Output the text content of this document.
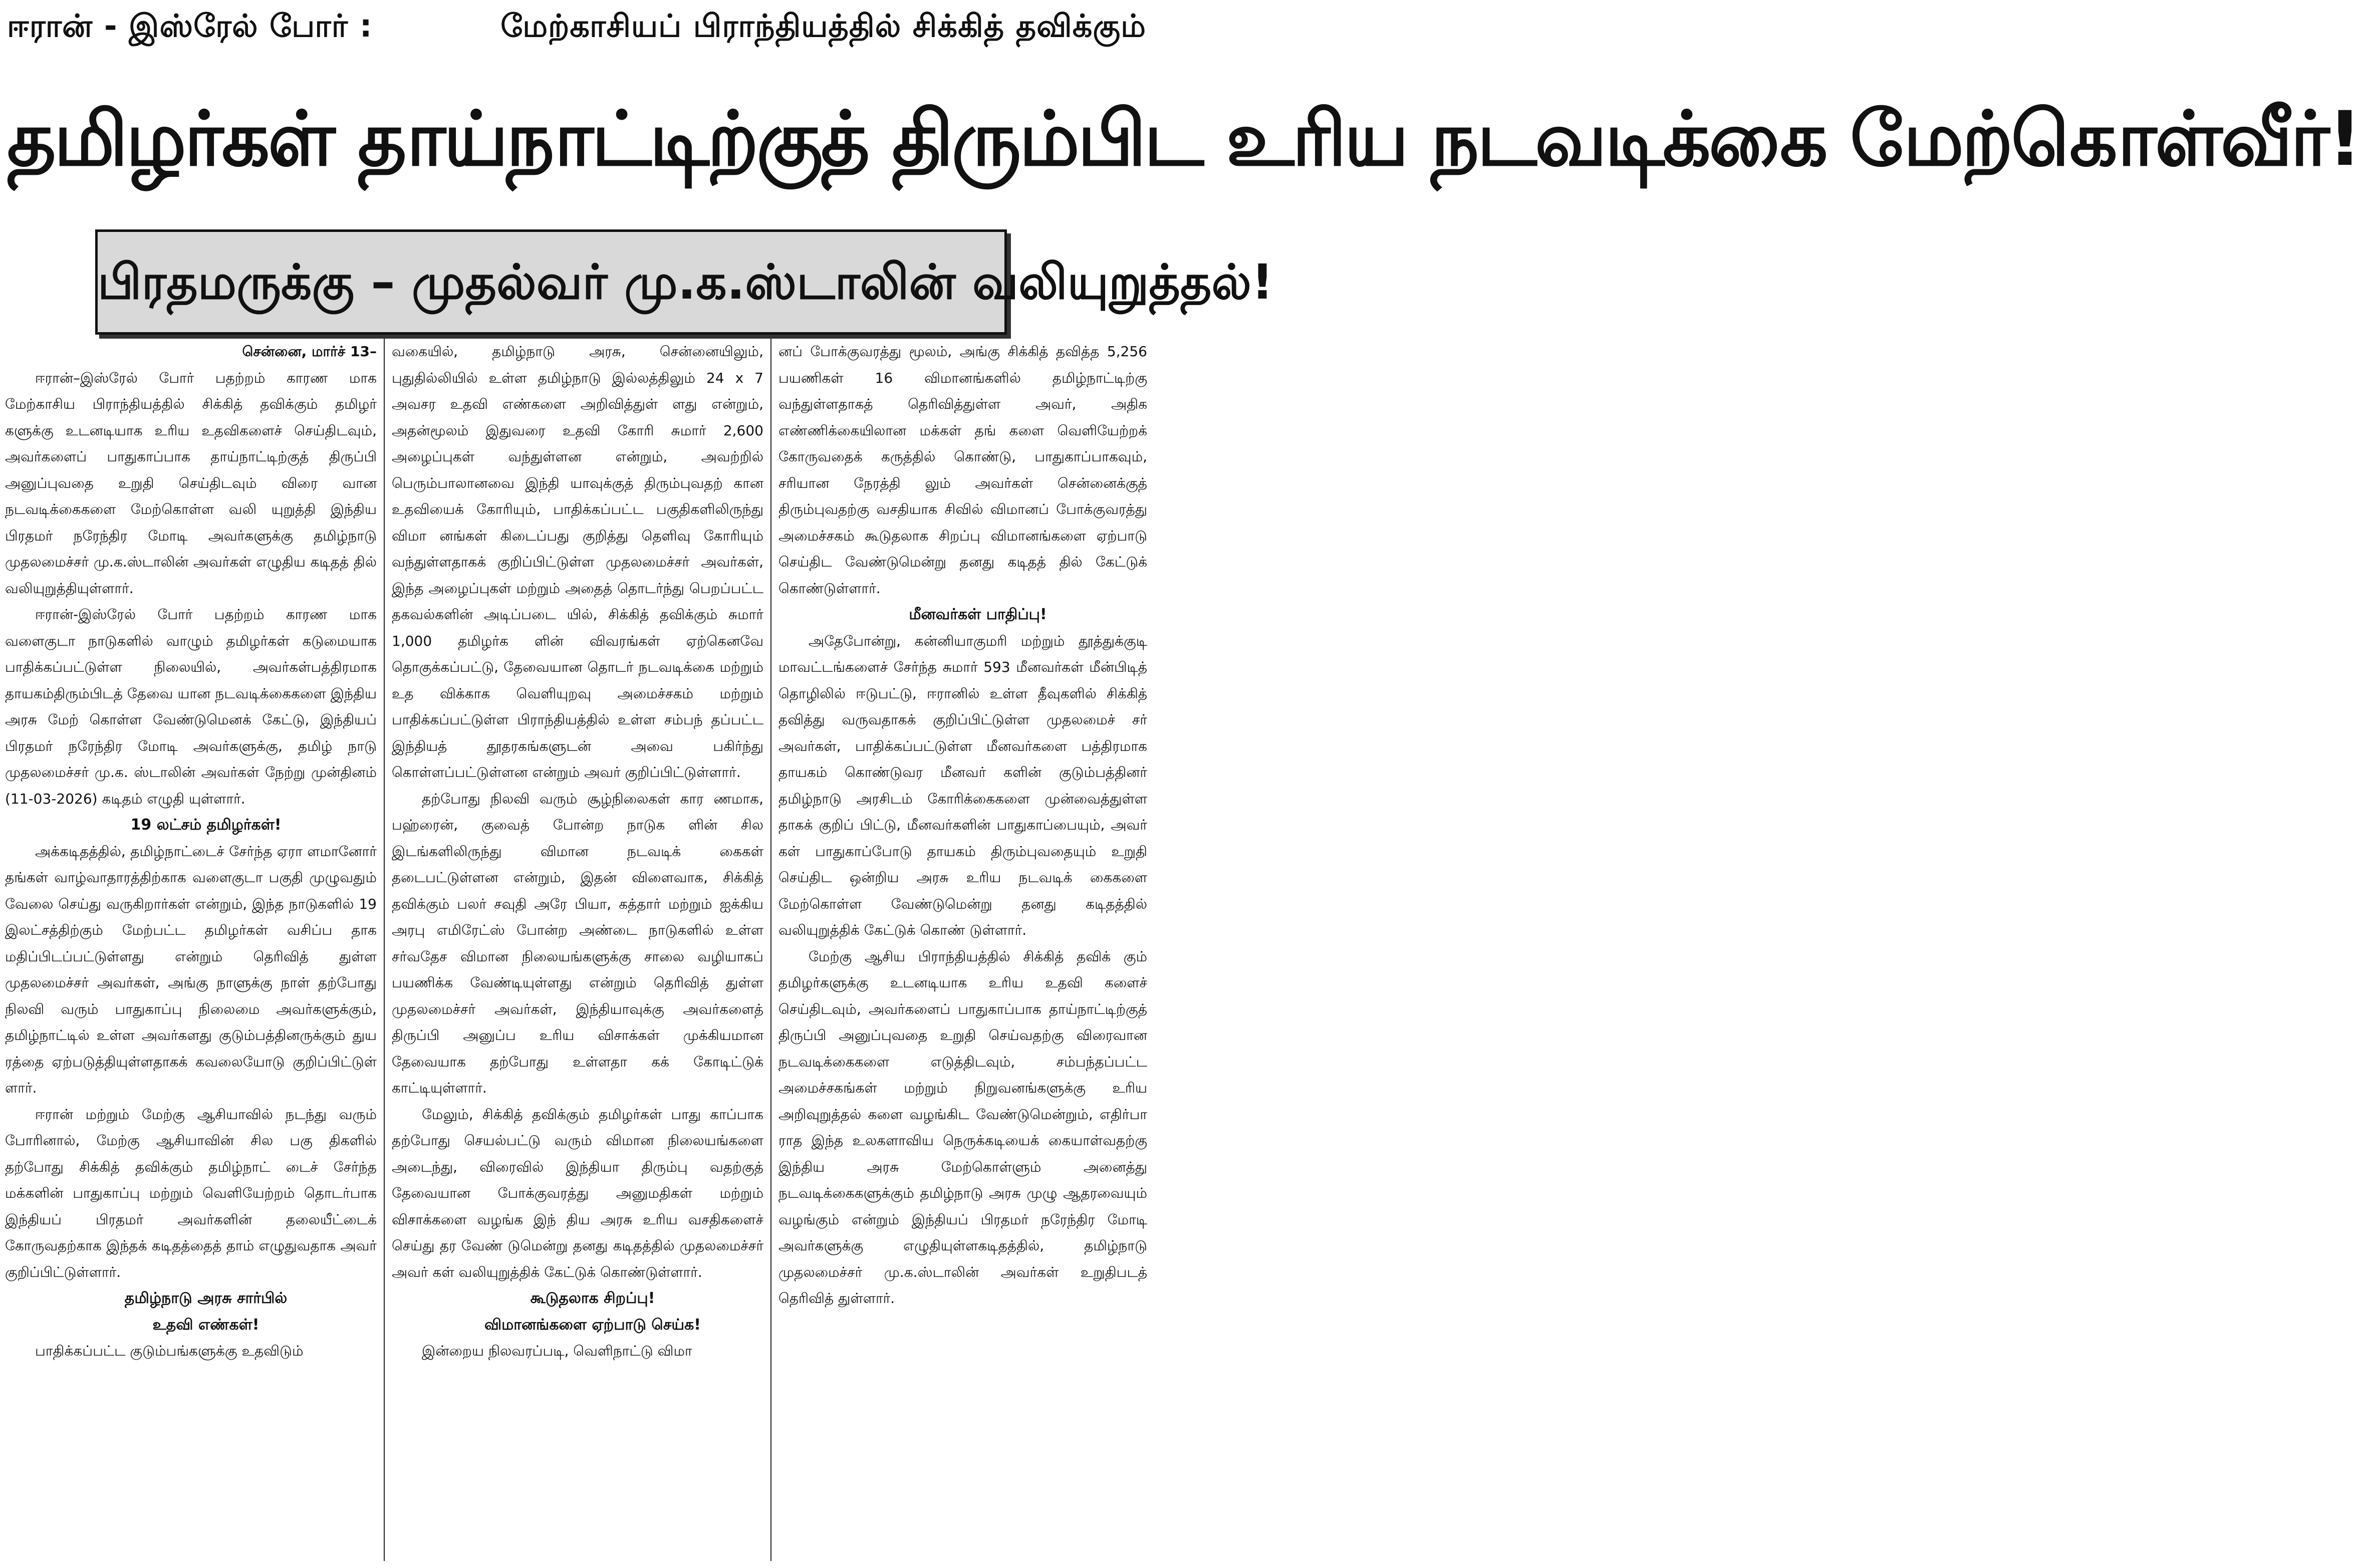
ஈரான் - இஸ்ரேல் போர் :	மேற்காசியப் பிராந்தியத்தில் சிக்கித் தவிக்கும்
தமிழர்கள் தாய்நாட்டிற்குத் திரும்பிட உரிய நடவடிக்கை மேற்கொள்வீர்!
பிரதமருக்கு – முதல்வர் மு.க.ஸ்டாலின் வலியுறுத்தல்!

சென்னை, மார்ச் 13–

ஈரான்–இஸ்ரேல் போர் பதற்றம் காரண மாக மேற்காசிய பிராந்தியத்தில் சிக்கித் தவிக்கும் தமிழர் களுக்கு உடனடியாக உரிய உதவிகளைச் செய்திடவும், அவர்களைப் பாதுகாப்பாக தாய்நாட்டிற்குத் திருப்பி அனுப்புவதை உறுதி செய்திடவும் விரை வான நடவடிக்கைகளை மேற்கொள்ள வலி யுறுத்தி இந்திய பிரதமர் நரேந்திர மோடி அவர்களுக்கு தமிழ்நாடு முதலமைச்சர் மு.க.ஸ்டாலின் அவர்கள் எழுதிய கடிதத் தில் வலியுறுத்தியுள்ளார்.

ஈரான்-இஸ்ரேல் போர் பதற்றம் காரண மாக வளைகுடா நாடுகளில் வாழும் தமிழர்கள் கடுமையாக பாதிக்கப்பட்டுள்ள நிலையில், அவர்கள்பத்திரமாக தாயகம்திரும்பிடத் தேவை யான நடவடிக்கைகளை இந்திய அரசு மேற் கொள்ள வேண்டுமெனக் கேட்டு, இந்தியப் பிரதமர் நரேந்திர மோடி அவர்களுக்கு, தமிழ் நாடு முதலமைச்சர் மு.க. ஸ்டாலின் அவர்கள் நேற்று முன்தினம் (11-03-2026) கடிதம் எழுதி யுள்ளார்.

19 லட்சம் தமிழர்கள்!

அக்கடிதத்தில், தமிழ்நாட்டைச் சேர்ந்த ஏரா ளமானோர் தங்கள் வாழ்வாதாரத்திற்காக வளைகுடா பகுதி முழுவதும் வேலை செய்து வருகிறார்கள் என்றும், இந்த நாடுகளில் 19 இலட்சத்திற்கும் மேற்பட்ட தமிழர்கள் வசிப்ப தாக மதிப்பிடப்பட்டுள்ளது என்றும் தெரிவித் துள்ள முதலமைச்சர் அவர்கள், அங்கு நாளுக்கு நாள் தற்போது நிலவி வரும் பாதுகாப்பு நிலைமை அவர்களுக்கும், தமிழ்நாட்டில் உள்ள அவர்களது குடும்பத்தினருக்கும் துய ரத்தை ஏற்படுத்தியுள்ளதாகக் கவலையோடு குறிப்பிட்டுள் ளார்.

ஈரான் மற்றும் மேற்கு ஆசியாவில் நடந்து வரும் போரினால், மேற்கு ஆசியாவின் சில பகு திகளில் தற்போது சிக்கித் தவிக்கும் தமிழ்நாட் டைச் சேர்ந்த மக்களின் பாதுகாப்பு மற்றும் வெளியேற்றம் தொடர்பாக இந்தியப் பிரதமர் அவர்களின் தலையீட்டைக் கோருவதற்காக இந்தக் கடிதத்தைத் தாம் எழுதுவதாக அவர் குறிப்பிட்டுள்ளார்.

தமிழ்நாடு அரசு சார்பில்

உதவி எண்கள்!

பாதிக்கப்பட்ட குடும்பங்களுக்கு உதவிடும்

வகையில், தமிழ்நாடு அரசு, சென்னையிலும், புதுதில்லியில் உள்ள தமிழ்நாடு இல்லத்திலும் 24 x 7 அவசர உதவி எண்களை அறிவித்துள் ளது என்றும், அதன்மூலம் இதுவரை உதவி கோரி சுமார் 2,600 அழைப்புகள் வந்துள்ளன என்றும், அவற்றில் பெரும்பாலானவை இந்தி யாவுக்குத் திரும்புவதற் கான உதவியைக் கோரியும், பாதிக்கப்பட்ட பகுதிகளிலிருந்து விமா னங்கள் கிடைப்பது குறித்து தெளிவு கோரியும் வந்துள்ளதாகக் குறிப்பிட்டுள்ள முதலமைச்சர் அவர்கள், இந்த அழைப்புகள் மற்றும் அதைத் தொடர்ந்து பெறப்பட்ட தகவல்களின் அடிப்படை யில், சிக்கித் தவிக்கும் சுமார் 1,000 தமிழர்க ளின் விவரங்கள் ஏற்கெனவே தொகுக்கப்பட்டு, தேவையான தொடர் நடவடிக்கை மற்றும் உத விக்காக வெளியுறவு அமைச்சகம் மற்றும் பாதிக்கப்பட்டுள்ள பிராந்தியத்தில் உள்ள சம்பந் தப்பட்ட இந்தியத் தூதரகங்களுடன் அவை பகிர்ந்து கொள்ளப்பட்டுள்ளன என்றும் அவர் குறிப்பிட்டுள்ளார்.

தற்போது நிலவி வரும் சூழ்நிலைகள் கார ணமாக, பஹ்ரைன், குவைத் போன்ற நாடுக ளின் சில இடங்களிலிருந்து விமான நடவடிக் கைகள் தடைபட்டுள்ளன என்றும், இதன் விளைவாக, சிக்கித் தவிக்கும் பலர் சவுதி அரே பியா, கத்தார் மற்றும் ஐக்கிய அரபு எமிரேட்ஸ் போன்ற அண்டை நாடுகளில் உள்ள சர்வதேச விமான நிலையங்களுக்கு சாலை வழியாகப் பயணிக்க வேண்டியுள்ளது என்றும் தெரிவித் துள்ள முதலமைச்சர் அவர்கள், இந்தியாவுக்கு அவர்களைத் திருப்பி அனுப்ப உரிய விசாக்கள் முக்கியமான தேவையாக தற்போது உள்ளதா கக் கோடிட்டுக் காட்டியுள்ளார்.

மேலும், சிக்கித் தவிக்கும் தமிழர்கள் பாது காப்பாக தற்போது செயல்பட்டு வரும் விமான நிலையங்களை அடைந்து, விரைவில் இந்தியா திரும்பு வதற்குத் தேவையான போக்குவரத்து அனுமதிகள் மற்றும் விசாக்களை வழங்க இந் திய அரசு உரிய வசதிகளைச் செய்து தர வேண் டுமென்று தனது கடிதத்தில் முதலமைச்சர் அவர் கள் வலியுறுத்திக் கேட்டுக் கொண்டுள்ளார்.

கூடுதலாக சிறப்பு!

விமானங்களை ஏற்பாடு செய்க!

இன்றைய நிலவரப்படி, வெளிநாட்டு விமா

னப் போக்குவரத்து மூலம், அங்கு சிக்கித் தவித்த 5,256 பயணிகள் 16 விமானங்களில் தமிழ்நாட்டிற்கு வந்துள்ளதாகத் தெரிவித்துள்ள அவர், அதிக எண்ணிக்கையிலான மக்கள் தங் களை வெளியேற்றக் கோருவதைக் கருத்தில் கொண்டு, பாதுகாப்பாகவும், சரியான நேரத்தி லும் அவர்கள் சென்னைக்குத் திரும்புவதற்கு வசதியாக சிவில் விமானப் போக்குவரத்து அமைச்சகம் கூடுதலாக சிறப்பு விமானங்களை ஏற்பாடு செய்திட வேண்டுமென்று தனது கடிதத் தில் கேட்டுக் கொண்டுள்ளார்.

மீனவர்கள் பாதிப்பு!

அதேபோன்று, கன்னியாகுமரி மற்றும் தூத்துக்குடி மாவட்டங்களைச் சேர்ந்த சுமார் 593 மீனவர்கள் மீன்பிடித் தொழிலில் ஈடுபட்டு, ஈரானில் உள்ள தீவுகளில் சிக்கித் தவித்து வருவதாகக் குறிப்பிட்டுள்ள முதலமைச் சர் அவர்கள், பாதிக்கப்பட்டுள்ள மீனவர்களை பத்திரமாக தாயகம் கொண்டுவர மீனவர் களின் குடும்பத்தினர் தமிழ்நாடு அரசிடம் கோரிக்கைகளை முன்வைத்துள்ள தாகக் குறிப் பிட்டு, மீனவர்களின் பாதுகாப்பையும், அவர் கள் பாதுகாப்போடு தாயகம் திரும்புவதையும் உறுதி செய்திட ஒன்றிய அரசு உரிய நடவடிக் கைகளை மேற்கொள்ள வேண்டுமென்று தனது கடிதத்தில் வலியுறுத்திக் கேட்டுக் கொண் டுள்ளார்.

மேற்கு ஆசிய பிராந்தியத்தில் சிக்கித் தவிக் கும் தமிழர்களுக்கு உடனடியாக உரிய உதவி களைச் செய்திடவும், அவர்களைப் பாதுகாப்பாக தாய்நாட்டிற்குத் திருப்பி அனுப்புவதை உறுதி செய்வதற்கு விரைவான நடவடிக்கைகளை எடுத்திடவும், சம்பந்தப்பட்ட அமைச்சகங்கள் மற்றும் நிறுவனங்களுக்கு உரிய அறிவுறுத்தல் களை வழங்கிட வேண்டுமென்றும், எதிர்பா ராத இந்த உலகளாவிய நெருக்கடியைக் கையாள்வதற்கு இந்திய அரசு மேற்கொள்ளும் அனைத்து நடவடிக்கைகளுக்கும் தமிழ்நாடு அரசு முழு ஆதரவையும் வழங்கும் என்றும் இந்தியப் பிரதமர் நரேந்திர மோடி அவர்களுக்கு எழுதியுள்ளகடிதத்தில், தமிழ்நாடு முதலமைச்சர் மு.க.ஸ்டாலின் அவர்கள் உறுதிபடத் தெரிவித் துள்ளார்.
